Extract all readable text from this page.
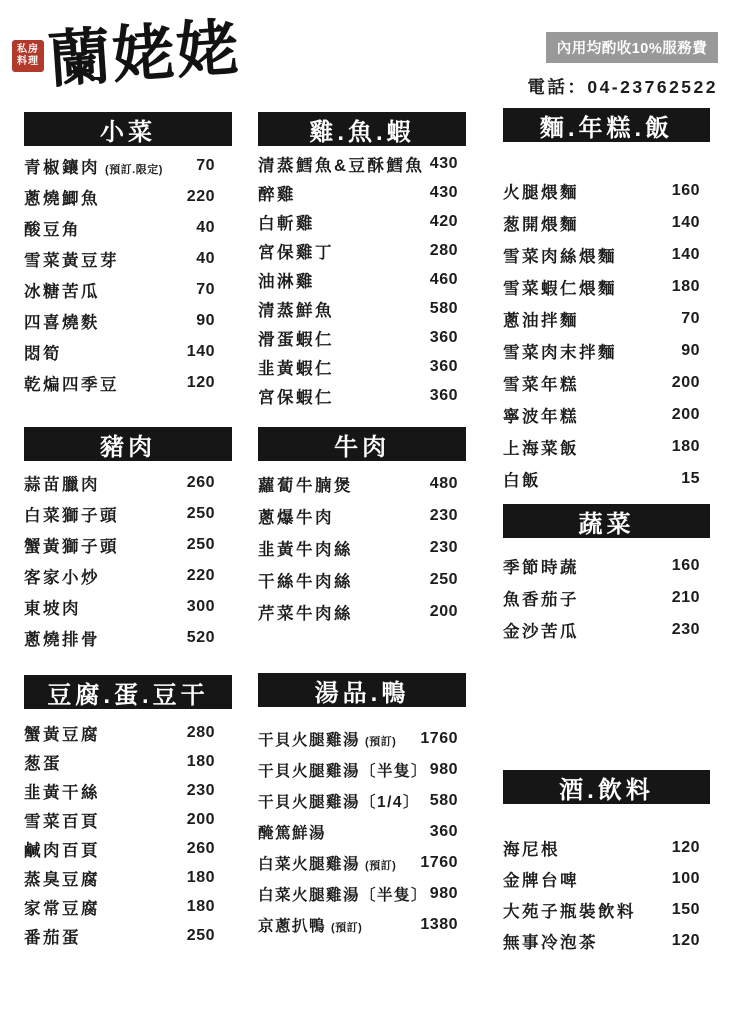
私房
料理 蘭姥姥	內用均酌收10%服務費
電話：04-23762522
小菜
青椒鑲肉 (預訂.限定) 70
蔥燒鯽魚	220
酸豆角	40
雪菜黃豆芽	40
冰糖苦瓜	70
四喜燒麩	90
悶筍	140
乾煸四季豆	120
豬肉
蒜苗臘肉	260
白菜獅子頭	250
蟹黃獅子頭	250
客家小炒	220
東坡肉	300
蔥燒排骨	520
豆腐.蛋.豆干
蟹黃豆腐	280
葱蛋	180
韭黃干絲	230
雪菜百頁	200
鹹肉百頁	260
蒸臭豆腐	180
家常豆腐	180
番茄蛋	250
雞.魚.蝦
清蒸鱈魚&豆酥鱈魚 430
醉雞	430
白斬雞	420
宮保雞丁	280
油淋雞	460
清蒸鮮魚	580
滑蛋蝦仁	360
韭黃蝦仁	360
宮保蝦仁	360
牛肉
蘿蔔牛腩煲	480
蔥爆牛肉	230
韭黃牛肉絲	230
干絲牛肉絲	250
芹菜牛肉絲	200
湯品.鴨
干貝火腿雞湯 (預訂) 1760
干貝火腿雞湯〔半隻〕 980
干貝火腿雞湯〔1/4〕 580
醃篤鮮湯	360
白菜火腿雞湯 (預訂) 1760
白菜火腿雞湯〔半隻〕 980
京蔥扒鴨 (預訂)	1380
麵.年糕.飯
火腿煨麵	160
葱開煨麵	140
雪菜肉絲煨麵	140
雪菜蝦仁煨麵	180
蔥油拌麵	70
雪菜肉末拌麵	90
雪菜年糕	200
寧波年糕	200
上海菜飯	180
白飯	15
蔬菜
季節時蔬	160
魚香茄子	210
金沙苦瓜	230
酒.飲料
海尼根	120
金牌台啤	100
大苑子瓶裝飲料 150
無事冷泡茶	120
